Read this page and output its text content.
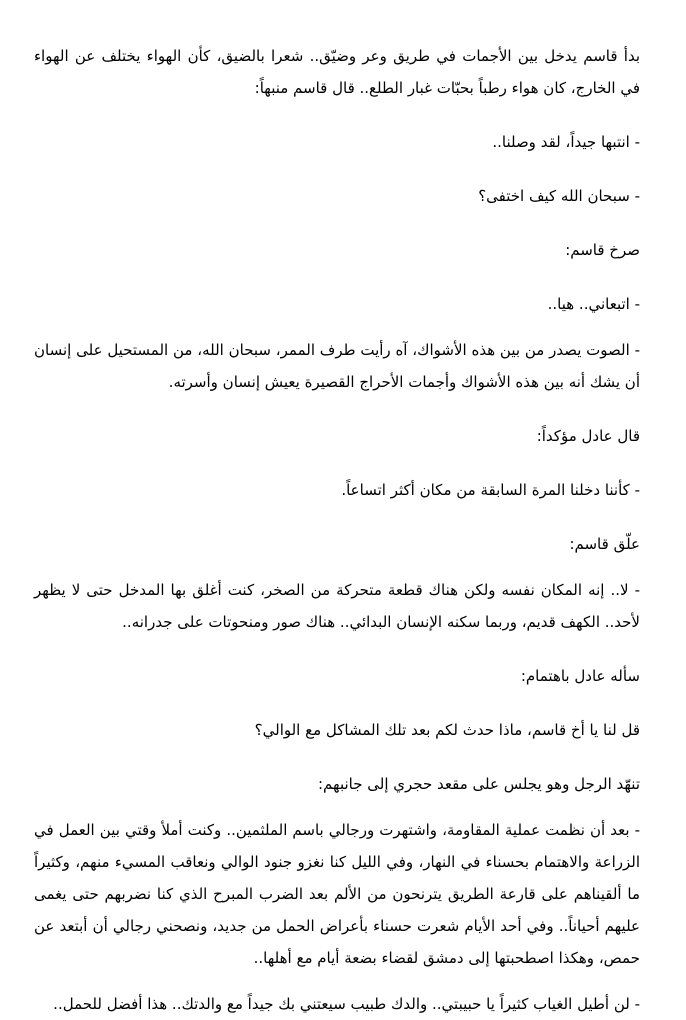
بدأ قاسم يدخل بين الأجمات في طريق وعر وضيّق.. شعرا بالضيق، كأن الهواء يختلف عن الهواء في الخارج، كان هواء رطباً بحبّات غبار الطلع.. قال قاسم منبهاً:

- انتبها جيداً، لقد وصلنا..

- سبحان الله كيف اختفى؟

صرخ قاسم:

- اتبعاني.. هيا..

- الصوت يصدر من بين هذه الأشواك، آه رأيت طرف الممر، سبحان الله، من المستحيل على إنسان أن يشك أنه بين هذه الأشواك وأجمات الأحراج القصيرة يعيش إنسان وأسرته.

قال عادل مؤكداً:

- كأننا دخلنا المرة السابقة من مكان أكثر اتساعاً.

علّق قاسم:

- لا.. إنه المكان نفسه ولكن هناك قطعة متحركة من الصخر، كنت أغلق بها المدخل حتى لا يظهر لأحد.. الكهف قديم، وربما سكنه الإنسان البدائي.. هناك صور ومنحوتات على جدرانه..

سأله عادل باهتمام:

قل لنا يا أخ قاسم، ماذا حدث لكم بعد تلك المشاكل مع الوالي؟

تنهّد الرجل وهو يجلس على مقعد حجري إلى جانبهم:

- بعد أن نظمت عملية المقاومة، واشتهرت ورجالي باسم الملثمين.. وكنت أملأ وقتي بين العمل في الزراعة والاهتمام بحسناء في النهار، وفي الليل كنا نغزو جنود الوالي ونعاقب المسيء منهم، وكثيراً ما ألقيناهم على قارعة الطريق يترنحون من الألم بعد الضرب المبرح الذي كنا نضربهم حتى يغمى عليهم أحياناً.. وفي أحد الأيام شعرت حسناء بأعراض الحمل من جديد، ونصحني رجالي أن أبتعد عن حمص، وهكذا اصطحبتها إلى دمشق لقضاء بضعة أيام مع أهلها..

- لن أطيل الغياب كثيراً يا حبيبتي.. والدك طبيب سيعتني بك جيداً مع والدتك.. هذا أفضل للحمل..
